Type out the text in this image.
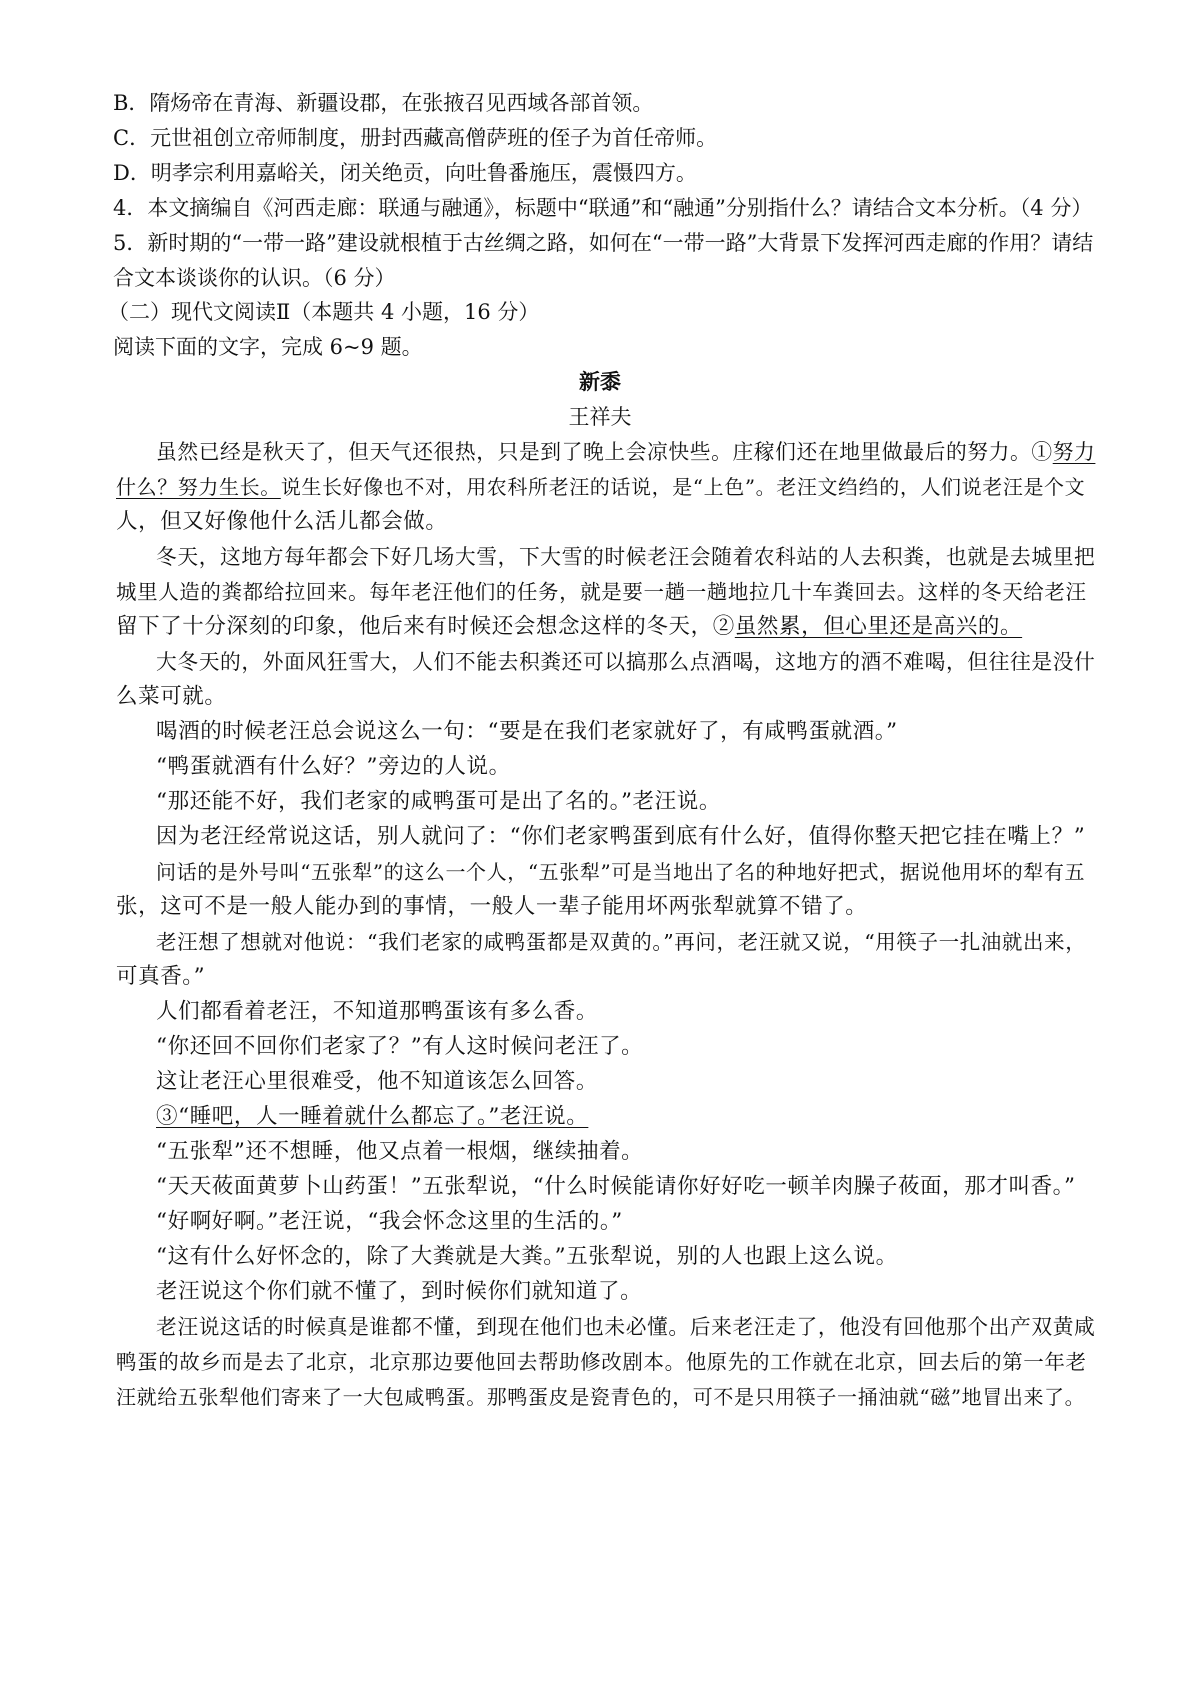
B．隋炀帝在青海、新疆设郡，在张掖召见西域各部首领。
C．元世祖创立帝师制度，册封西藏高僧萨班的侄子为首任帝师。
D．明孝宗利用嘉峪关，闭关绝贡，向吐鲁番施压，震慑四方。
4．本文摘编自《河西走廊：联通与融通》，标题中“联通”和“融通”分别指什么？请结合文本分析。（4 分）
5．新时期的“一带一路”建设就根植于古丝绸之路，如何在“一带一路”大背景下发挥河西走廊的作用？请结
合文本谈谈你的认识。（6 分）
（二）现代文阅读Ⅱ（本题共 4 小题，16 分）
阅读下面的文字，完成 6~9 题。
新黍
王祥夫
虽然已经是秋天了，但天气还很热，只是到了晚上会凉快些。庄稼们还在地里做最后的努力。①努力
什么？努力生长。说生长好像也不对，用农科所老汪的话说，是“上色”。老汪文绉绉的，人们说老汪是个文
人，但又好像他什么活儿都会做。
冬天，这地方每年都会下好几场大雪，下大雪的时候老汪会随着农科站的人去积粪，也就是去城里把
城里人造的粪都给拉回来。每年老汪他们的任务，就是要一趟一趟地拉几十车粪回去。这样的冬天给老汪
留下了十分深刻的印象，他后来有时候还会想念这样的冬天，②虽然累，但心里还是高兴的。
大冬天的，外面风狂雪大，人们不能去积粪还可以搞那么点酒喝，这地方的酒不难喝，但往往是没什
么菜可就。
喝酒的时候老汪总会说这么一句：“要是在我们老家就好了，有咸鸭蛋就酒。”
“鸭蛋就酒有什么好？”旁边的人说。
“那还能不好，我们老家的咸鸭蛋可是出了名的。”老汪说。
因为老汪经常说这话，别人就问了：“你们老家鸭蛋到底有什么好，值得你整天把它挂在嘴上？”
问话的是外号叫“五张犁”的这么一个人，“五张犁”可是当地出了名的种地好把式，据说他用坏的犁有五
张，这可不是一般人能办到的事情，一般人一辈子能用坏两张犁就算不错了。
老汪想了想就对他说：“我们老家的咸鸭蛋都是双黄的。”再问，老汪就又说，“用筷子一扎油就出来，
可真香。”
人们都看着老汪，不知道那鸭蛋该有多么香。
“你还回不回你们老家了？”有人这时候问老汪了。
这让老汪心里很难受，他不知道该怎么回答。
③“睡吧，人一睡着就什么都忘了。”老汪说。
“五张犁”还不想睡，他又点着一根烟，继续抽着。
“天天莜面黄萝卜山药蛋！”五张犁说，“什么时候能请你好好吃一顿羊肉臊子莜面，那才叫香。”
“好啊好啊。”老汪说，“我会怀念这里的生活的。”
“这有什么好怀念的，除了大粪就是大粪。”五张犁说，别的人也跟上这么说。
老汪说这个你们就不懂了，到时候你们就知道了。
老汪说这话的时候真是谁都不懂，到现在他们也未必懂。后来老汪走了，他没有回他那个出产双黄咸
鸭蛋的故乡而是去了北京，北京那边要他回去帮助修改剧本。他原先的工作就在北京，回去后的第一年老
汪就给五张犁他们寄来了一大包咸鸭蛋。那鸭蛋皮是瓷青色的，可不是只用筷子一捅油就“磁”地冒出来了。
